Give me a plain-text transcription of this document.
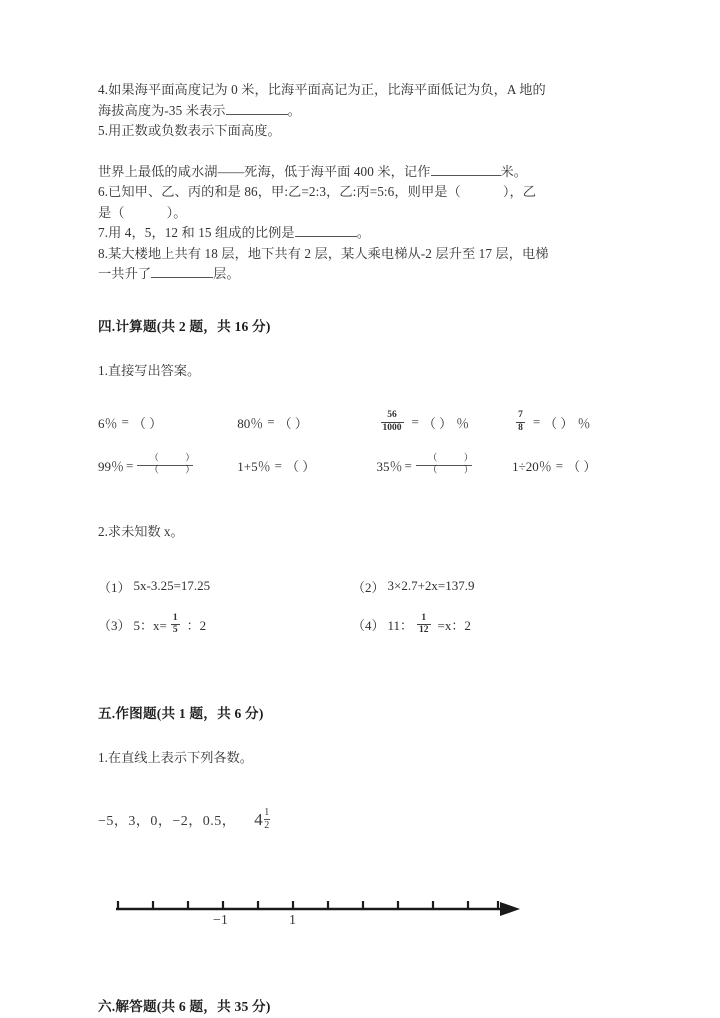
4.如果海平面高度记为 0 米，比海平面高记为正，比海平面低记为负，A 地的

海拔高度为-35 米表示	。

5.用正数或负数表示下面高度。

世界上最低的咸水湖——死海，低于海平面 400 米，记作	米。

6.已知甲、乙、丙的和是 86，甲:乙=2:3，乙:丙=5:6，则甲是（	），乙

是（	）。

7.用 4，5，12 和 15 组成的比例是	。

8.某大楼地上共有 18 层，地下共有 2 层，某人乘电梯从-2 层升至 17 层，电梯

一共升了	层。

四.计算题(共 2 题，共 16 分)

1.直接写出答案。

6％ = （ ）	80％ = （ ）	$\frac{56}{1000}$ = （ ） ％	$\frac{7}{8}$ = （ ） ％
99％ = $\frac{( )}{( )}$	1+5％ = （ ）	35％ = $\frac{( )}{( )}$	1÷20％ = （ ）

2.求未知数 x。

（1） 5x-3.25=17.25	（2） 3×2.7+2x=137.9
（3） 5：$x= \frac{1}{5}$ ：2	（4） 11： $\frac{1}{12} =x$：2

五.作图题(共 1 题，共 6 分)

1.在直线上表示下列各数。

−5，3，0，−2，0.5， $4 \frac{1}{2}$
−1	1

六.解答题(共 6 题，共 35 分)
